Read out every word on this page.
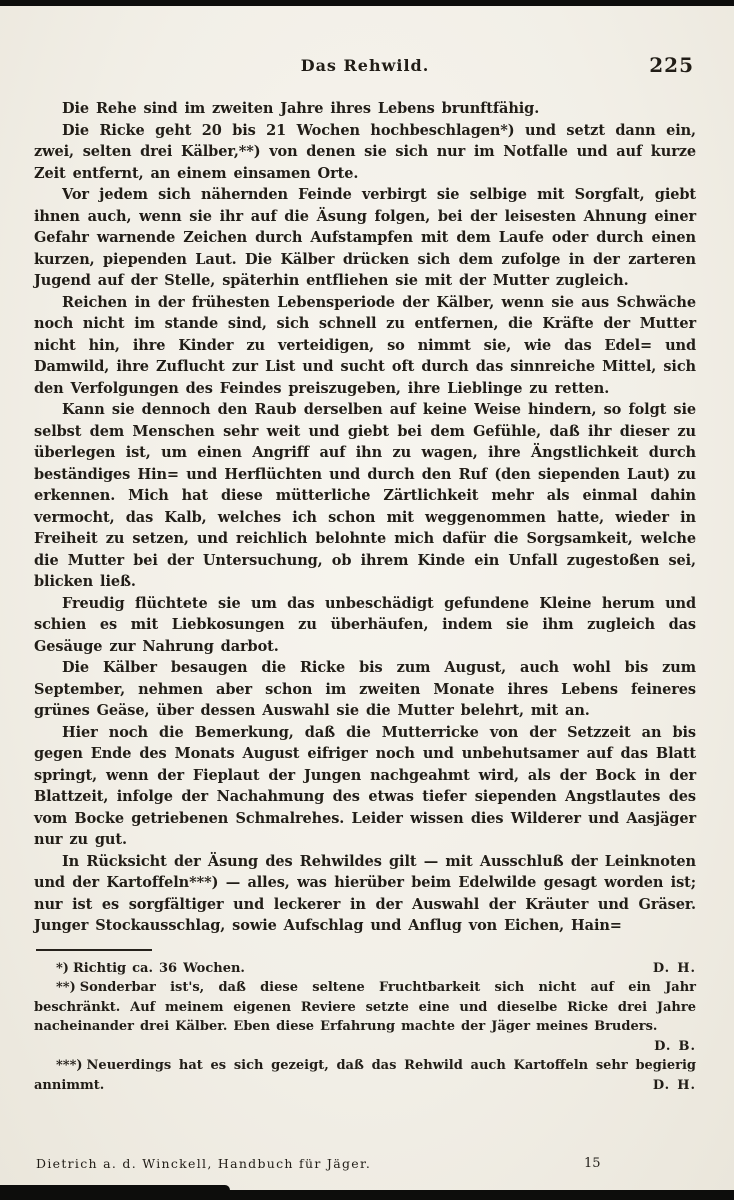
Das Rehwild.	225

Die Rehe sind im zweiten Jahre ihres Lebens brunftfähig.

Die Ricke geht 20 bis 21 Wochen hochbeschlagen*) und setzt dann ein, zwei, selten drei Kälber,**) von denen sie sich nur im Notfalle und auf kurze Zeit entfernt, an einem einsamen Orte.

Vor jedem sich nähernden Feinde verbirgt sie selbige mit Sorgfalt, giebt ihnen auch, wenn sie ihr auf die Äsung folgen, bei der leisesten Ahnung einer Gefahr warnende Zeichen durch Aufstampfen mit dem Laufe oder durch einen kurzen, piependen Laut. Die Kälber drücken sich dem zufolge in der zarteren Jugend auf der Stelle, späterhin entfliehen sie mit der Mutter zugleich.

Reichen in der frühesten Lebensperiode der Kälber, wenn sie aus Schwäche noch nicht im stande sind, sich schnell zu entfernen, die Kräfte der Mutter nicht hin, ihre Kinder zu verteidigen, so nimmt sie, wie das Edel= und Damwild, ihre Zuflucht zur List und sucht oft durch das sinnreiche Mittel, sich den Verfolgungen des Feindes preiszugeben, ihre Lieblinge zu retten.

Kann sie dennoch den Raub derselben auf keine Weise hindern, so folgt sie selbst dem Menschen sehr weit und giebt bei dem Gefühle, daß ihr dieser zu überlegen ist, um einen Angriff auf ihn zu wagen, ihre Ängstlichkeit durch beständiges Hin= und Herflüchten und durch den Ruf (den siependen Laut) zu erkennen. Mich hat diese mütterliche Zärtlichkeit mehr als einmal dahin vermocht, das Kalb, welches ich schon mit weggenommen hatte, wieder in Freiheit zu setzen, und reichlich belohnte mich dafür die Sorgsamkeit, welche die Mutter bei der Untersuchung, ob ihrem Kinde ein Unfall zugestoßen sei, blicken ließ.

Freudig flüchtete sie um das unbeschädigt gefundene Kleine herum und schien es mit Liebkosungen zu überhäufen, indem sie ihm zugleich das Gesäuge zur Nahrung darbot.

Die Kälber besaugen die Ricke bis zum August, auch wohl bis zum September, nehmen aber schon im zweiten Monate ihres Lebens feineres grünes Geäse, über dessen Auswahl sie die Mutter belehrt, mit an.

Hier noch die Bemerkung, daß die Mutterricke von der Setzzeit an bis gegen Ende des Monats August eifriger noch und unbehutsamer auf das Blatt springt, wenn der Fieplaut der Jungen nachgeahmt wird, als der Bock in der Blattzeit, infolge der Nachahmung des etwas tiefer siependen Angstlautes des vom Bocke getriebenen Schmalrehes. Leider wissen dies Wilderer und Aasjäger nur zu gut.

In Rücksicht der Äsung des Rehwildes gilt — mit Ausschluß der Leinknoten und der Kartoffeln***) — alles, was hierüber beim Edelwilde gesagt worden ist; nur ist es sorgfältiger und leckerer in der Auswahl der Kräuter und Gräser. Junger Stockausschlag, sowie Aufschlag und Anflug von Eichen, Hain=

*) Richtig ca. 36 Wochen.	D. H.
**) Sonderbar ist's, daß diese seltene Fruchtbarkeit sich nicht auf ein Jahr beschränkt. Auf meinem eigenen Reviere setzte eine und dieselbe Ricke drei Jahre nacheinander drei Kälber. Eben diese Erfahrung machte der Jäger meines Bruders.
D. B.
***) Neuerdings hat es sich gezeigt, daß das Rehwild auch Kartoffeln sehr begierig annimmt.	D. H.
Dietrich a. d. Winckell, Handbuch für Jäger.	15
